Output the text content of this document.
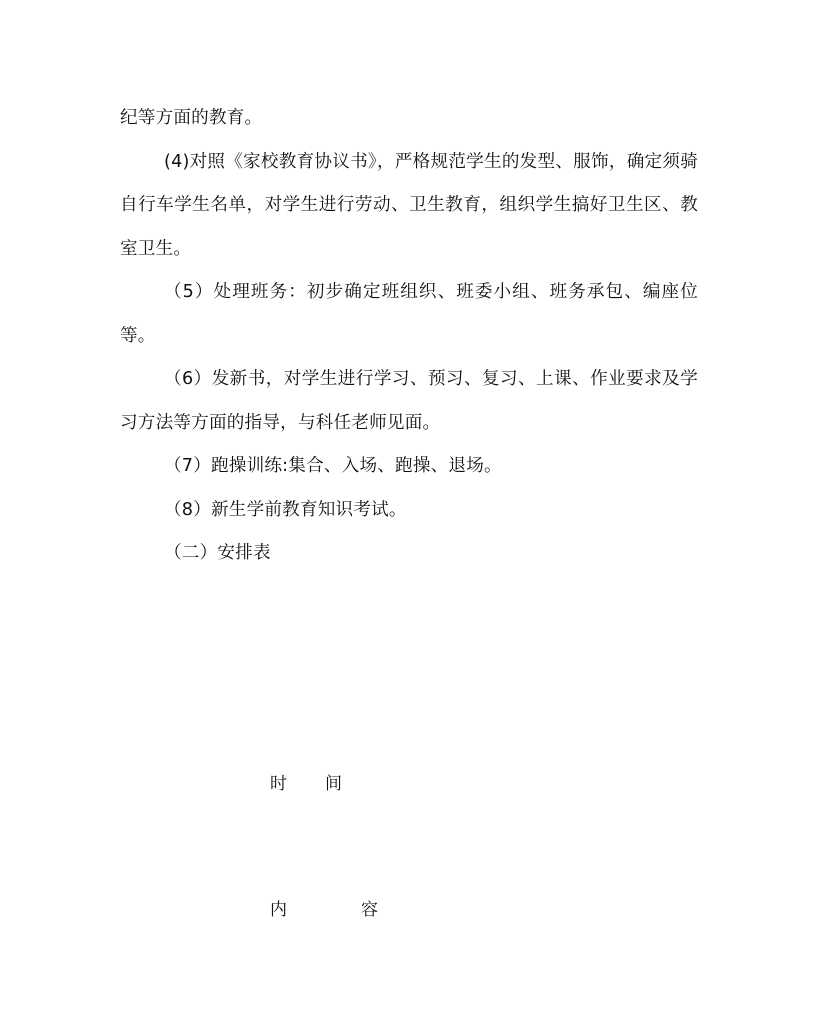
纪等方面的教育。

(4)对照《家校教育协议书》，严格规范学生的发型、服饰，确定须骑自行车学生名单，对学生进行劳动、卫生教育，组织学生搞好卫生区、教室卫生。

（5）处理班务：初步确定班组织、班委小组、班务承包、编座位等。

（6）发新书，对学生进行学习、预习、复习、上课、作业要求及学习方法等方面的指导，与科任老师见面。

（7）跑操训练:集合、入场、跑操、退场。

（8）新生学前教育知识考试。

（二）安排表

时 间
内	容
